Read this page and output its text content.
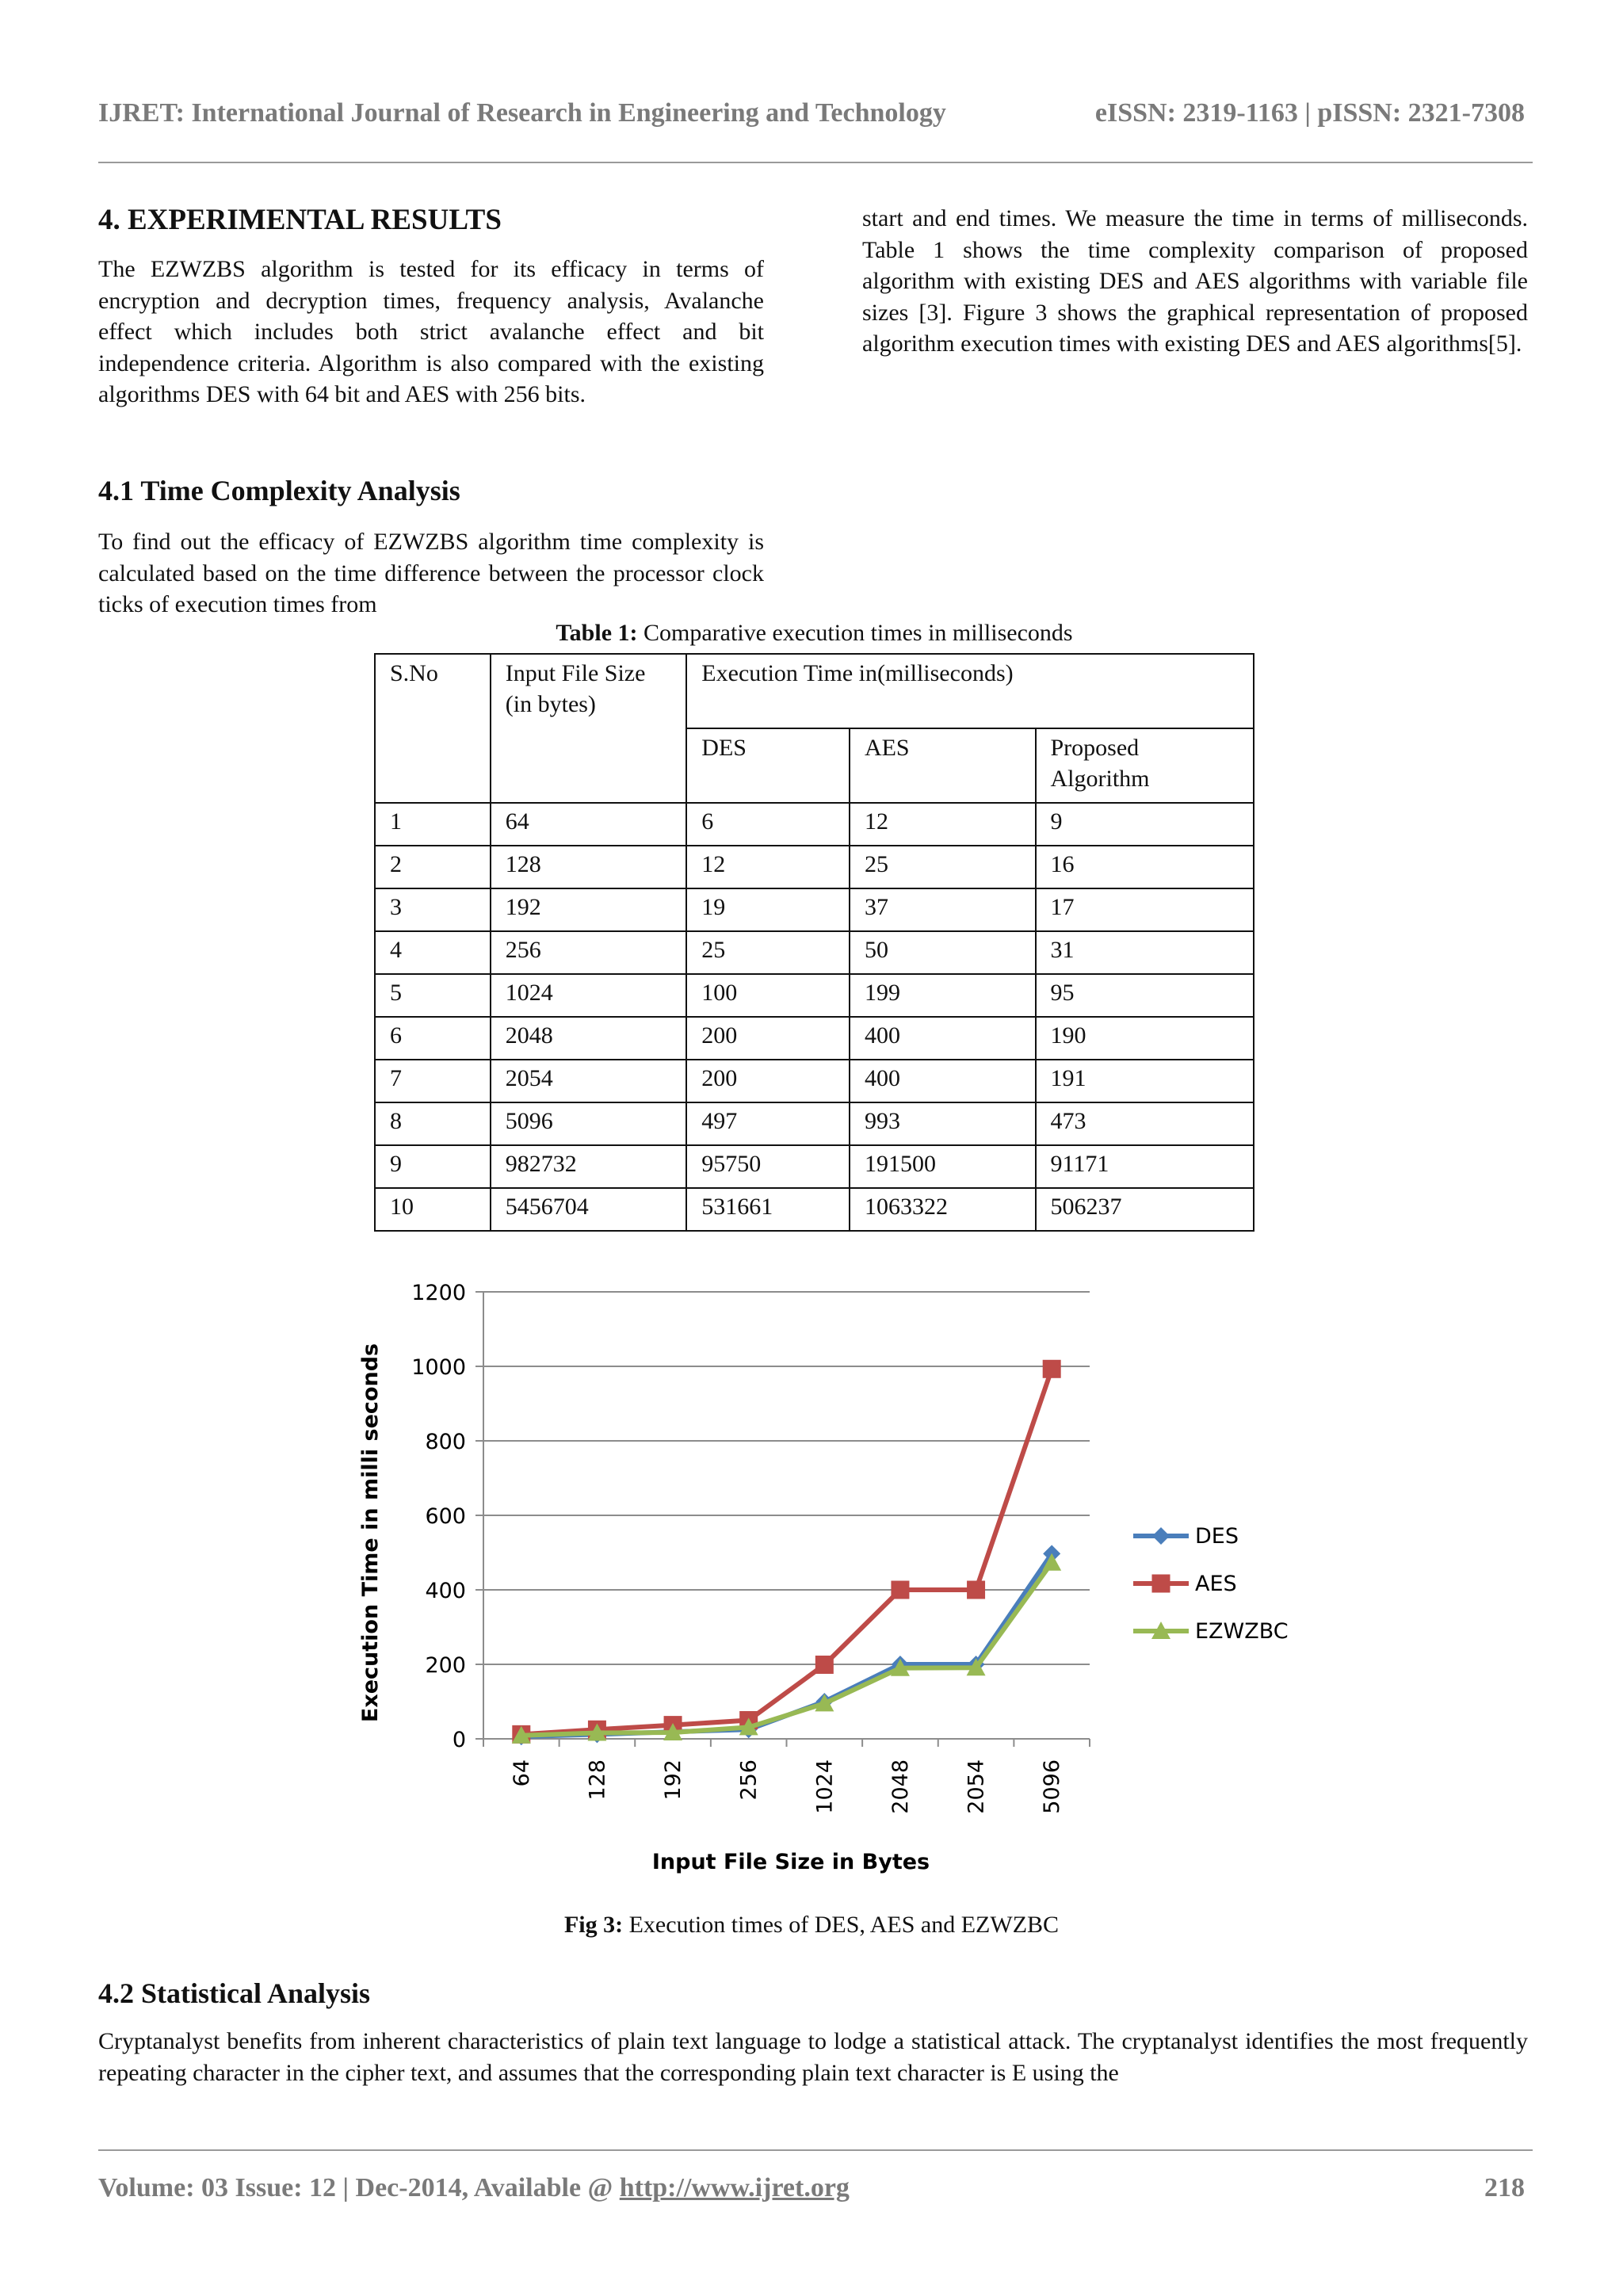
IJRET: International Journal of Research in Engineering and Technology	eISSN: 2319-1163 | pISSN: 2321-7308
4. EXPERIMENTAL RESULTS
The EZWZBS algorithm is tested for its efficacy in terms of encryption and decryption times, frequency analysis, Avalanche effect which includes both strict avalanche effect and bit independence criteria. Algorithm is also compared with the existing algorithms DES with 64 bit and AES with 256 bits.
4.1 Time Complexity Analysis
To find out the efficacy of EZWZBS algorithm time complexity is calculated based on the time difference between the processor clock ticks of execution times from
start and end times. We measure the time in terms of milliseconds. Table 1 shows the time complexity comparison of proposed algorithm with existing DES and AES algorithms with variable file sizes [3]. Figure 3 shows the graphical representation of proposed algorithm execution times with existing DES and AES algorithms[5].
Table 1: Comparative execution times in milliseconds
S.No	Input File Size (in bytes)	Execution Time in(milliseconds)		
		DES	AES	Proposed Algorithm
1	64	6	12	9
2	128	12	25	16
3	192	19	37	17
4	256	25	50	31
5	1024	100	199	95
6	2048	200	400	190
7	2054	200	400	191
8	5096	497	993	473
9	982732	95750	191500	91171
10	5456704	531661	1063322	506237
0
200
400
600
800
1000
1200
64 128 192 256 1024 2048 2054 5096
DES
AES
EZWZBC
Execution Time in milli seconds
Input File Size in Bytes
Fig 3: Execution times of DES, AES and EZWZBC
4.2 Statistical Analysis
Cryptanalyst benefits from inherent characteristics of plain text language to lodge a statistical attack. The cryptanalyst identifies the most frequently repeating character in the cipher text, and assumes that the corresponding plain text character is E using the
Volume: 03 Issue: 12 | Dec-2014, Available @ http://www.ijret.org	218
